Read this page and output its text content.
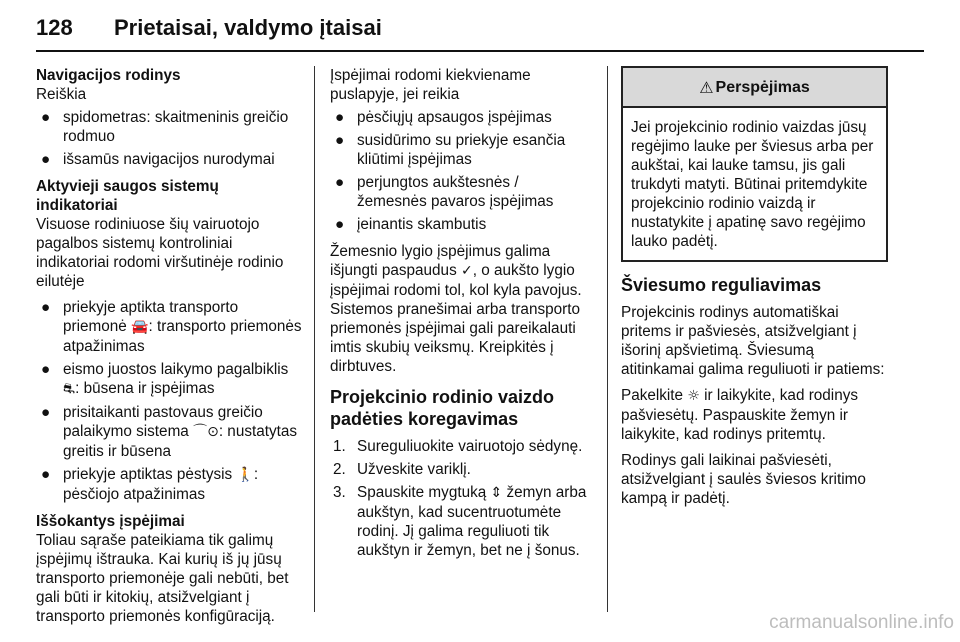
128	Prietaisai, valdymo įtaisai
Navigacijos rodinys
Reiškia
● spidometras: skaitmeninis greičio rodmuo
● išsamūs navigacijos nurodymai
Aktyvieji saugos sistemų indikatoriai

Visuose rodiniuose šių vairuotojo pagalbos sistemų kontroliniai indikatoriai rodomi viršutinėje rodinio eilutėje

● priekyje aptikta transporto priemonė 🚘: transporto priemonės atpažinimas
● eismo juostos laikymo pagalbiklis ⛐: būsena ir įspėjimas
● prisitaikanti pastovaus greičio palaikymo sistema ⌒⊙: nustatytas greitis ir būsena
● priekyje aptiktas pėstysis 🚶: pėsčiojo atpažinimas
Iššokantys įspėjimai

Toliau sąraše pateikiama tik galimų įspėjimų ištrauka. Kai kurių iš jų jūsų transporto priemonėje gali nebūti, bet gali būti ir kitokių, atsižvelgiant į transporto priemonės konfigūraciją.

Įspėjimai rodomi kiekviename puslapyje, jei reikia
● pėsčiųjų apsaugos įspėjimas
● susidūrimo su priekyje esančia kliūtimi įspėjimas
● perjungtos aukštesnės / žemesnės pavaros įspėjimas
● įeinantis skambutis

Žemesnio lygio įspėjimus galima išjungti paspaudus ✓, o aukšto lygio įspėjimai rodomi tol, kol kyla pavojus. Sistemos pranešimai arba transporto priemonės įspėjimai gali pareikalauti imtis skubių veiksmų. Kreipkitės į dirbtuves.

Projekcinio rodinio vaizdo padėties koregavimas
1. Sureguliuokite vairuotojo sėdynę.
2. Užveskite variklį.
3. Spauskite mygtuką ⇕ žemyn arba aukštyn, kad sucentruotumėte rodinį. Jį galima reguliuoti tik aukštyn ir žemyn, bet ne į šonus.
⚠ Perspėjimas
Jei projekcinio rodinio vaizdas jūsų regėjimo lauke per šviesus arba per aukštai, kai lauke tamsu, jis gali trukdyti matyti. Būtinai pritemdykite projekcinio rodinio vaizdą ir nustatykite į apatinę savo regėjimo lauko padėtį.
Šviesumo reguliavimas

Projekcinis rodinys automatiškai pritems ir pašviesės, atsižvelgiant į išorinį apšvietimą. Šviesumą atitinkamai galima reguliuoti ir patiems:

Pakelkite ☼ ir laikykite, kad rodinys pašviesėtų. Paspauskite žemyn ir laikykite, kad rodinys pritemtų.

Rodinys gali laikinai pašviesėti, atsižvelgiant į saulės šviesos kritimo kampą ir padėtį.

carmanualsonline.info
